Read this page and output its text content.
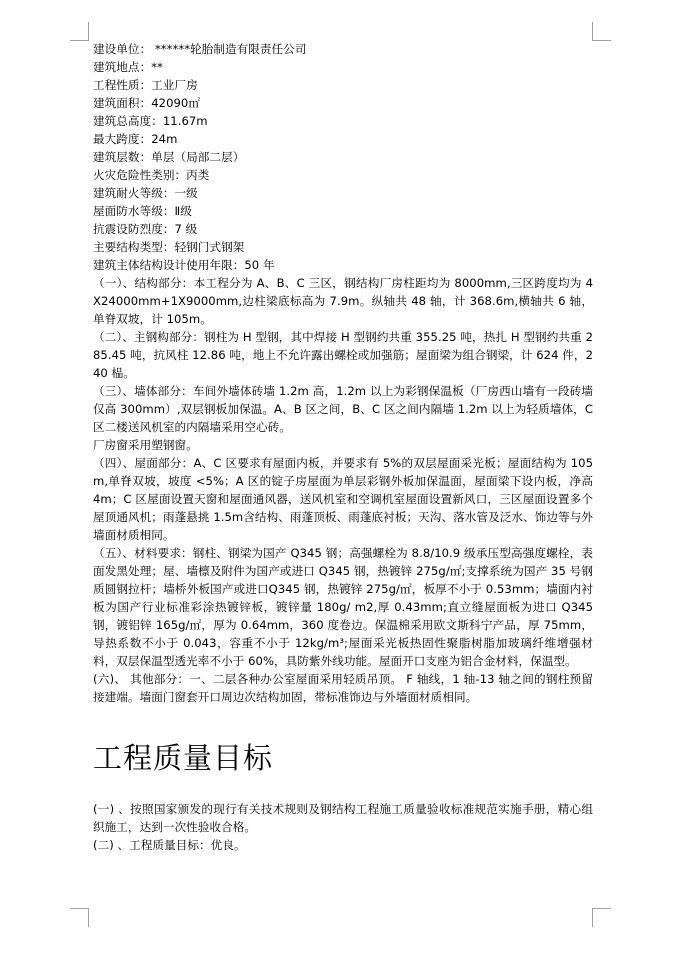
建设单位： ******轮胎制造有限责任公司

建筑地点：**

工程性质：工业厂房

建筑面积：42090㎡

建筑总高度：11.67m

最大跨度：24m

建筑层数：单层（局部二层）

火灾危险性类别：丙类

建筑耐火等级：一级

屋面防水等级：Ⅱ级

抗震设防烈度：7 级

主要结构类型：轻钢门式钢架

建筑主体结构设计使用年限：50 年

（一）、结构部分：本工程分为 A、B、C 三区，钢结构厂房柱距均为 8000mm,三区跨度均为 4X24000mm+1X9000mm,边柱梁底标高为 7.9m。纵轴共 48 轴，计 368.6m,横轴共 6 轴，单脊双坡，计 105m。

（二）、主钢构部分：钢柱为 H 型钢，其中焊接 H 型钢约共重 355.25 吨，热扎 H 型钢约共重 285.45 吨，抗风柱 12.86 吨，地上不允许露出螺栓或加强筋；屋面梁为组合钢梁，计 624 件，240 榀。

（三）、墙体部分：车间外墙体砖墙 1.2m 高，1.2m 以上为彩钢保温板（厂房西山墙有一段砖墙仅高 300mm）,双层钢板加保温。A、B 区之间，B、C 区之间内隔墙 1.2m 以上为轻质墙体，C 区二楼送风机室的内隔墙采用空心砖。

厂房窗采用塑钢窗。

（四）、屋面部分：A、C 区要求有屋面内板，并要求有 5%的双层屋面采光板；屋面结构为 105m,单脊双坡，坡度 <5%；A 区的锭子房屋面为单层彩钢外板加保温面，屋面梁下设内板，净高 4m；C 区屋面设置天窗和屋面通风器，送风机室和空调机室屋面设置新风口，三区屋面设置多个屋顶通风机；雨蓬悬挑 1.5m含结构、雨蓬顶板、雨蓬底衬板；天沟、落水管及泛水、饰边等与外墙面材质相同。

（五）、材料要求：钢柱、钢梁为国产 Q345 钢；高强螺栓为 8.8/10.9 级承压型高强度螺栓，表面发黑处理；屋、墙檩及附件为国产或进口 Q345 钢，热镀锌 275g/㎡;支撑系统为国产 35 号钢质圆钢拉杆；墙桥外板国产或进口Q345 钢，热镀锌 275g/㎡，板厚不小于 0.53mm；墙面内衬板为国产行业标准彩涂热镀锌板，镀锌量 180g/ m2,厚 0.43mm;直立缝屋面板为进口 Q345 钢，镀铝锌 165g/㎡，厚为 0.64mm，360 度卷边。保温棉采用欧文斯科宁产品，厚 75mm，导热系数不小于 0.043，容重不小于 12kg/m³;屋面采光板热固性聚脂树脂加玻璃纤维增强材料，双层保温型透光率不小于 60%，具防紫外线功能。屋面开口支座为铝合金材料，保温型。

(六)、 其他部分：一、二层各种办公室屋面采用轻质吊顶。 F 轴线，1 轴-13 轴之间的钢柱预留接建端。墙面门窗套开口周边次结构加固，带标准饰边与外墙面材质相同。

工程质量目标

(一) 、按照国家颁发的现行有关技术规则及钢结构工程施工质量验收标准规范实施手册，精心组织施工，达到一次性验收合格。

(二) 、工程质量目标：优良。
